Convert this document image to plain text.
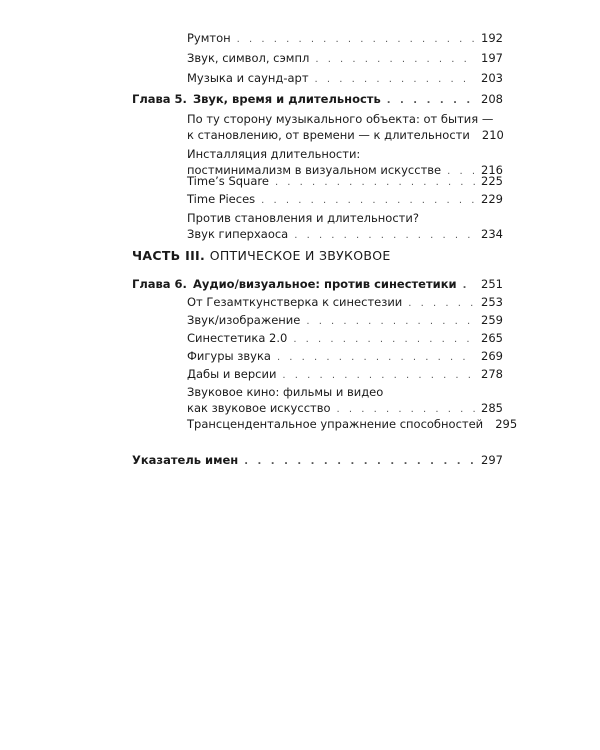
Румтон . . .	192
Звук, символ, сэмпл . . .	197
Музыка и саунд-арт . . .	203
Глава 5. Звук, время и длительность . . .	208
По ту сторону музыкального объекта: от бытия —
к становлению, от времени — к длительности 210
Инсталляция длительности:
постминимализм в визуальном искусстве . . .	216
Time’s Square . . .	225
Time Pieces . . .	229
Против становления и длительности?
Звук гиперхаоса . . .	234
ЧАСТЬ III.
ОПТИЧЕСКОЕ И ЗВУКОВОЕ
Глава 6. Аудио/визуальное: против синестетики . . . 251
От Гезамткунстверка к синестезии . . .	253
Звук/изображение . . .	259
Синестетика 2.0 . . .	265
Фигуры звука . . .	269
Дабы и версии . . .	278
Звуковое кино: фильмы и видео
как звуковое искусство . . .	285
Трансцендентальное упражнение способностей 295
Указатель имен . . .	297
